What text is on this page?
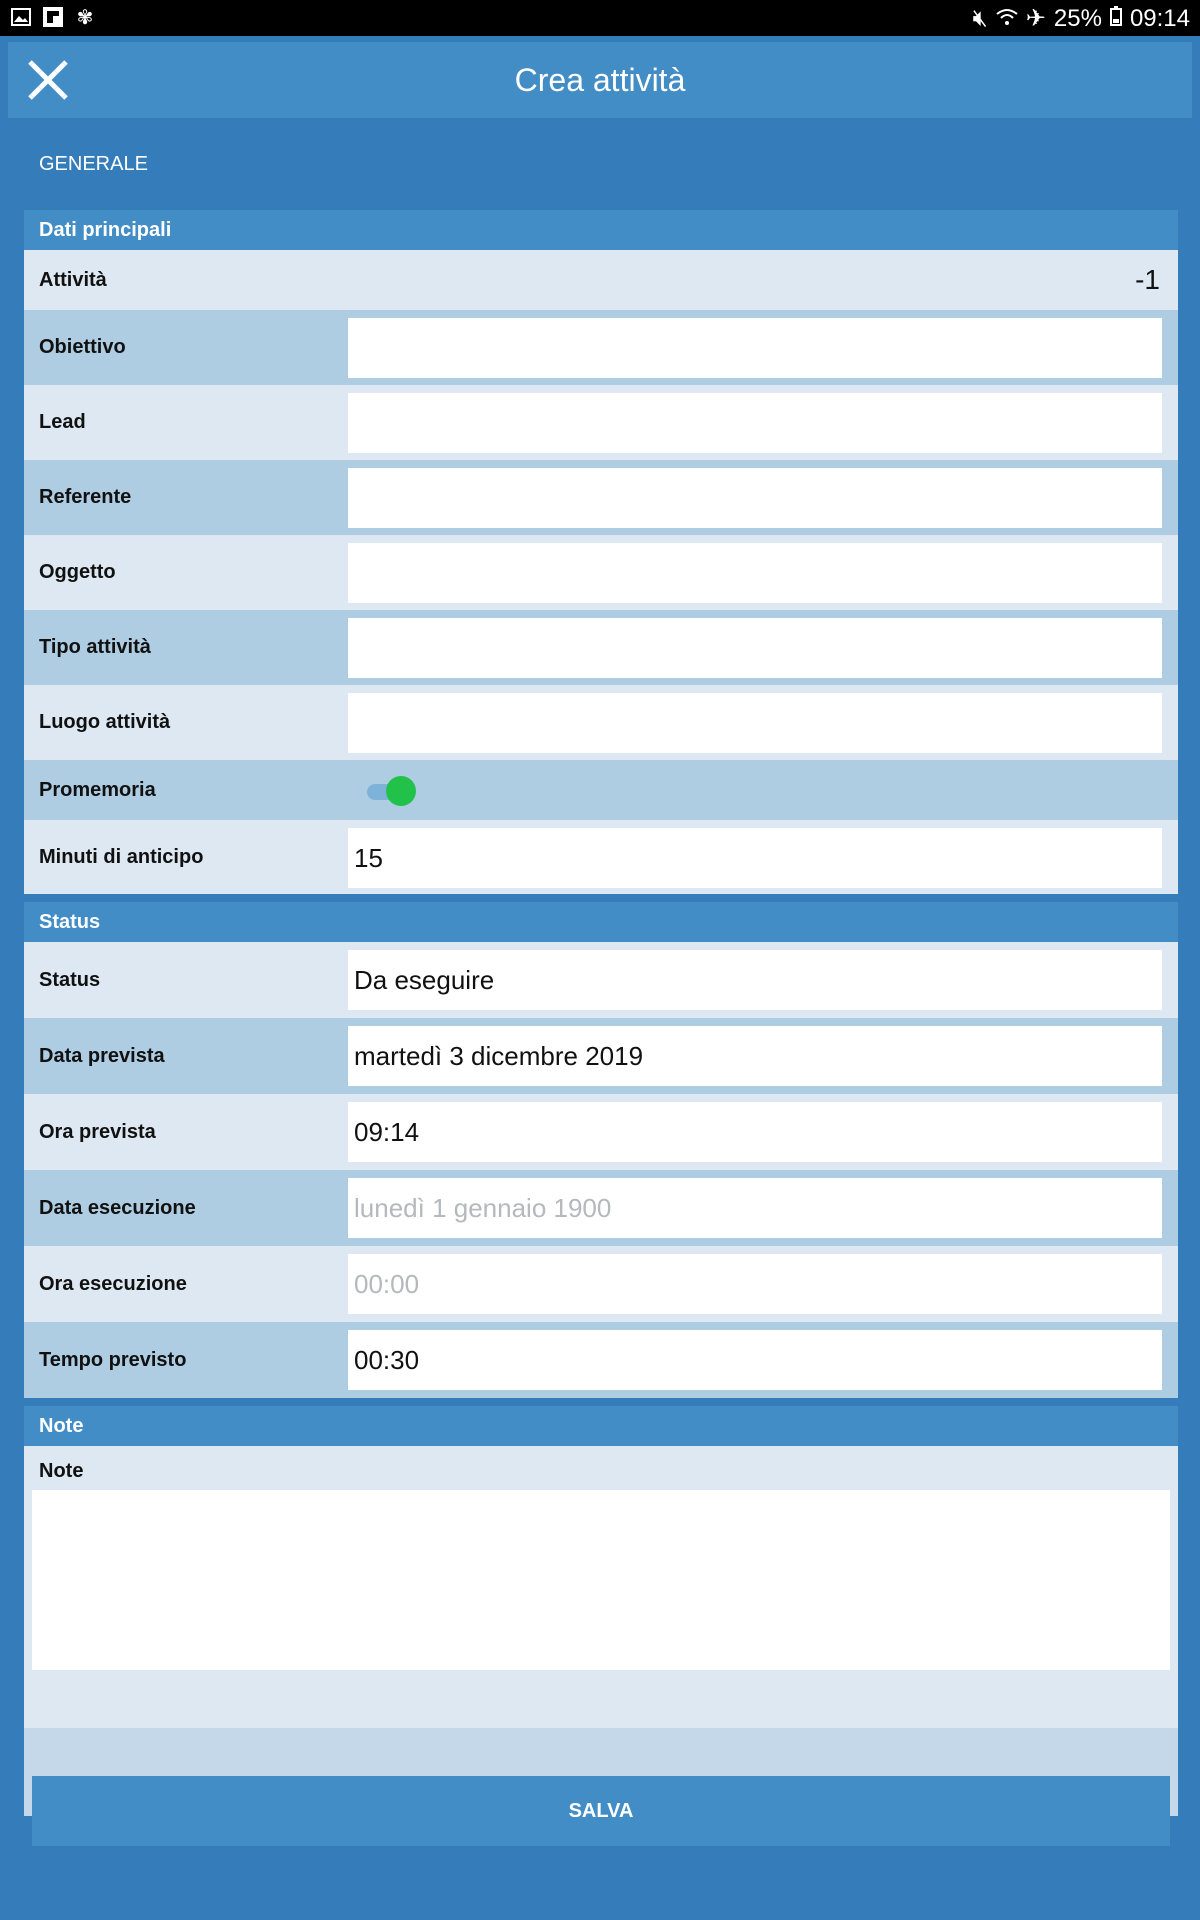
✾	🔇︎ ✈ 25% 09:14
Crea attività
GENERALE
Dati principali
Attività	-1
Obiettivo
Lead
Referente
Oggetto
Tipo attività
Luogo attività
Promemoria
Minuti di anticipo
15
Status
Status
Da eseguire
Data prevista
martedì 3 dicembre 2019
Ora prevista
09:14
Data esecuzione
lunedì 1 gennaio 1900
Ora esecuzione
00:00
Tempo previsto
00:30
Note
Note
SALVA
